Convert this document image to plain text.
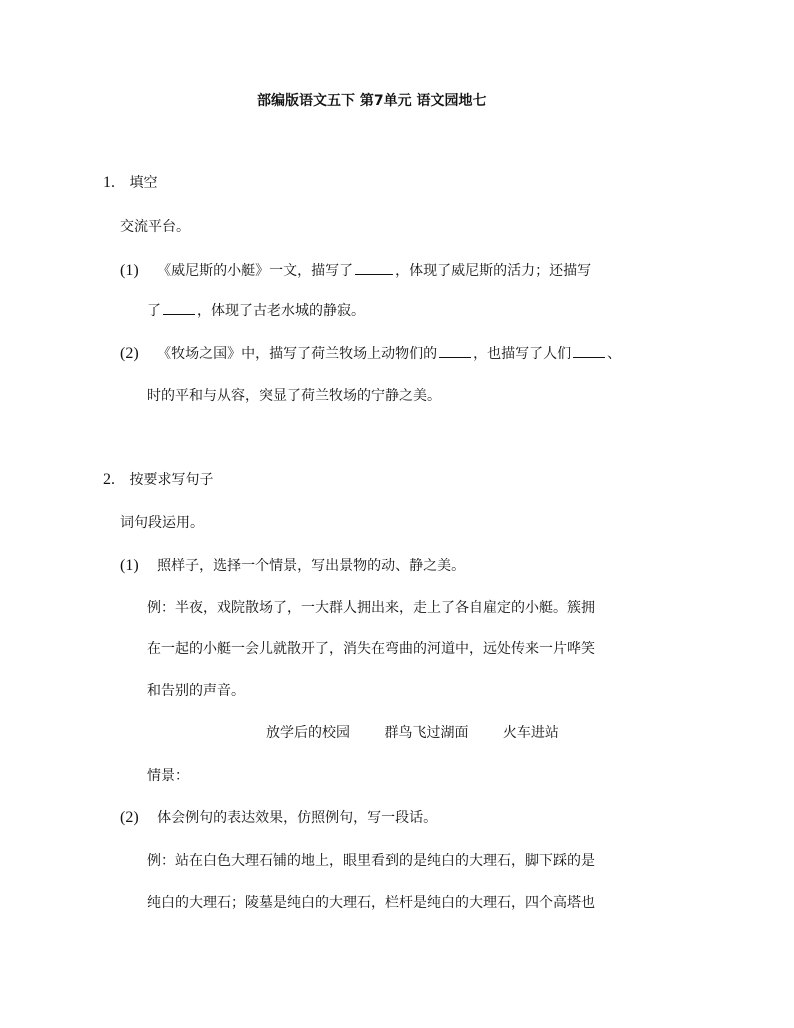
部编版语文五下 第7单元 语文园地七
1. 填空
交流平台。
(1) 《威尼斯的小艇》一文，描写了	，体现了威尼斯的活力；还描写
了	，体现了古老水城的静寂。
(2) 《牧场之国》中，描写了荷兰牧场上动物们的	，也描写了人们	、
时的平和与从容，突显了荷兰牧场的宁静之美。
2. 按要求写句子
词句段运用。
(1) 照样子，选择一个情景，写出景物的动、静之美。
例：半夜，戏院散场了，一大群人拥出来，走上了各自雇定的小艇。簇拥
在一起的小艇一会儿就散开了，消失在弯曲的河道中，远处传来一片哗笑
和告别的声音。
放学后的校园 群鸟飞过湖面 火车进站
情景：
(2) 体会例句的表达效果，仿照例句，写一段话。
例：站在白色大理石铺的地上，眼里看到的是纯白的大理石，脚下踩的是
纯白的大理石；陵墓是纯白的大理石，栏杆是纯白的大理石，四个高塔也
